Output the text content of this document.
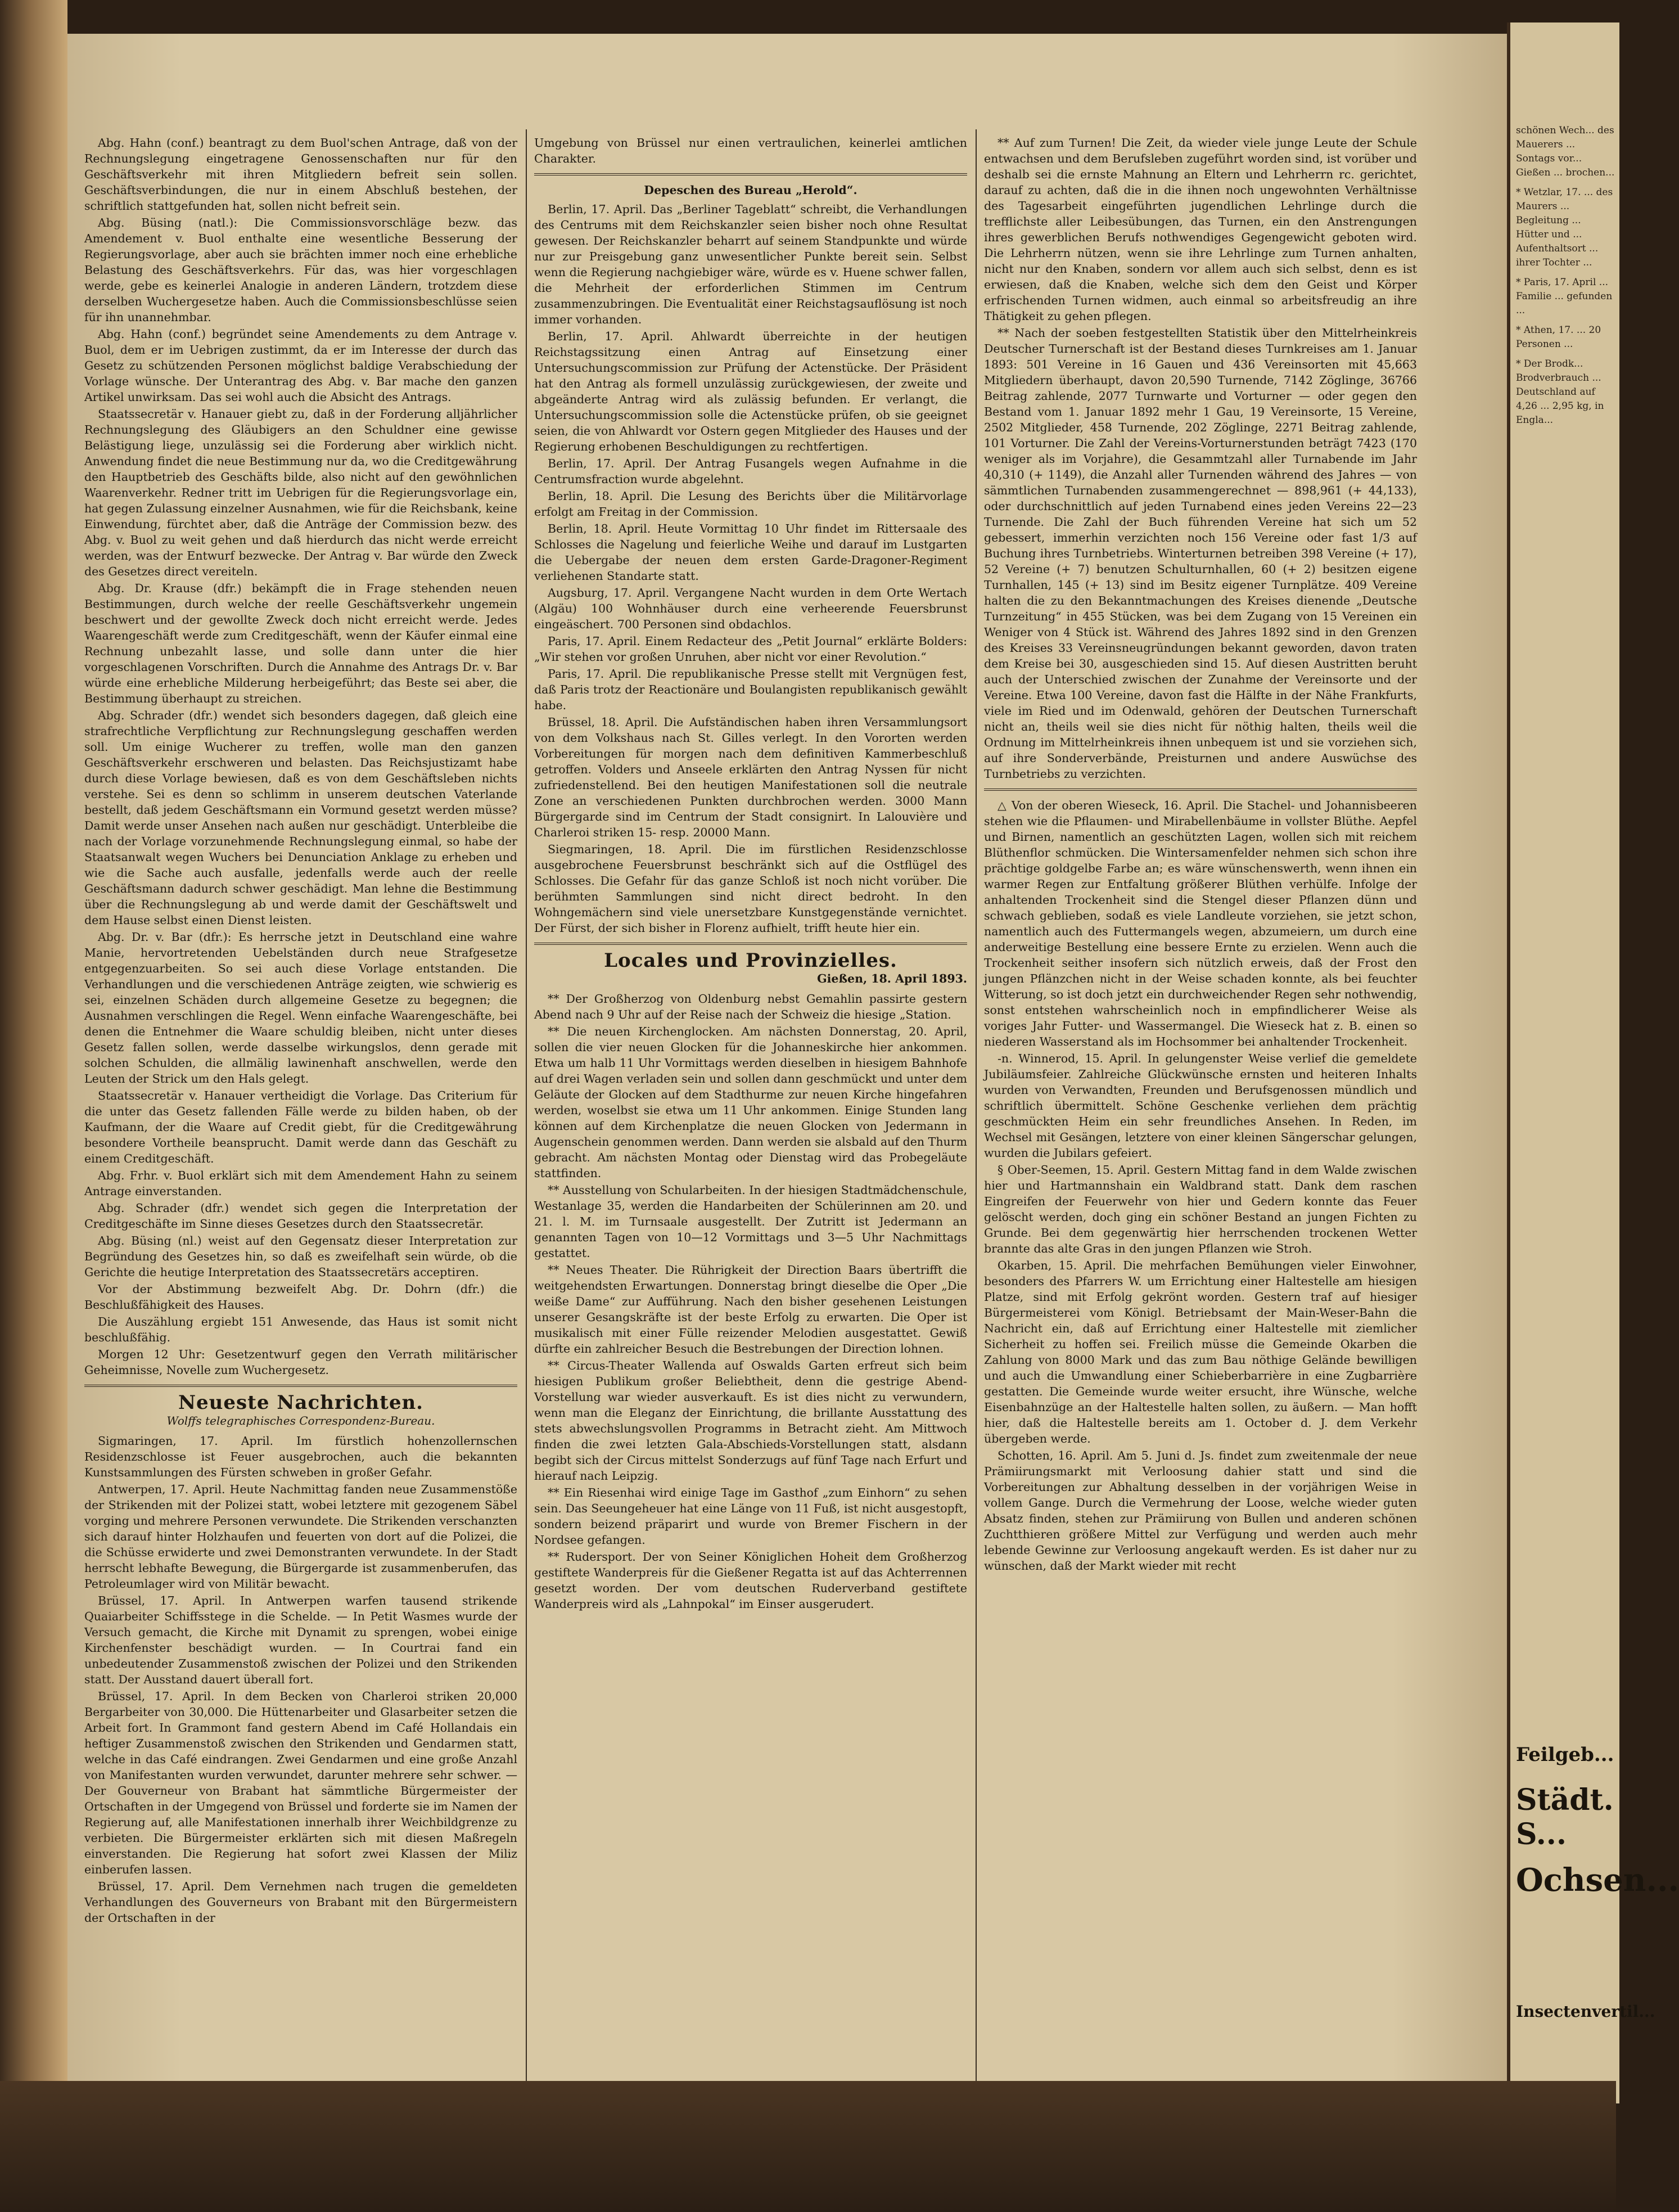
Abg. Hahn (conf.) beantragt zu dem Buol'schen Antrage, daß von der Rechnungslegung eingetragene Genossenschaften nur für den Geschäftsverkehr mit ihren Mitgliedern befreit sein sollen. Geschäftsverbindungen, die nur in einem Abschluß bestehen, der schriftlich stattgefunden hat, sollen nicht befreit sein.

Abg. Büsing (natl.): Die Commissionsvorschläge bezw. das Amendement v. Buol enthalte eine wesentliche Besserung der Regierungsvorlage, aber auch sie brächten immer noch eine erhebliche Belastung des Geschäftsverkehrs. Für das, was hier vorgeschlagen werde, gebe es keinerlei Analogie in anderen Ländern, trotzdem diese derselben Wuchergesetze haben. Auch die Commissionsbeschlüsse seien für ihn unannehmbar.

Abg. Hahn (conf.) begründet seine Amendements zu dem Antrage v. Buol, dem er im Uebrigen zustimmt, da er im Interesse der durch das Gesetz zu schützenden Personen möglichst baldige Verabschiedung der Vorlage wünsche. Der Unterantrag des Abg. v. Bar mache den ganzen Artikel unwirksam. Das sei wohl auch die Absicht des Antrags.

Staatssecretär v. Hanauer giebt zu, daß in der Forderung alljährlicher Rechnungslegung des Gläubigers an den Schuldner eine gewisse Belästigung liege, unzulässig sei die Forderung aber wirklich nicht. Anwendung findet die neue Bestimmung nur da, wo die Creditgewährung den Hauptbetrieb des Geschäfts bilde, also nicht auf den gewöhnlichen Waarenverkehr. Redner tritt im Uebrigen für die Regierungsvorlage ein, hat gegen Zulassung einzelner Ausnahmen, wie für die Reichsbank, keine Einwendung, fürchtet aber, daß die Anträge der Commission bezw. des Abg. v. Buol zu weit gehen und daß hierdurch das nicht werde erreicht werden, was der Entwurf bezwecke. Der Antrag v. Bar würde den Zweck des Gesetzes direct vereiteln.

Abg. Dr. Krause (dfr.) bekämpft die in Frage stehenden neuen Bestimmungen, durch welche der reelle Geschäftsverkehr ungemein beschwert und der gewollte Zweck doch nicht erreicht werde. Jedes Waarengeschäft werde zum Creditgeschäft, wenn der Käufer einmal eine Rechnung unbezahlt lasse, und solle dann unter die hier vorgeschlagenen Vorschriften. Durch die Annahme des Antrags Dr. v. Bar würde eine erhebliche Milderung herbeigeführt; das Beste sei aber, die Bestimmung überhaupt zu streichen.

Abg. Schrader (dfr.) wendet sich besonders dagegen, daß gleich eine strafrechtliche Verpflichtung zur Rechnungslegung geschaffen werden soll. Um einige Wucherer zu treffen, wolle man den ganzen Geschäftsverkehr erschweren und belasten. Das Reichsjustizamt habe durch diese Vorlage bewiesen, daß es von dem Geschäftsleben nichts verstehe. Sei es denn so schlimm in unserem deutschen Vaterlande bestellt, daß jedem Geschäftsmann ein Vormund gesetzt werden müsse? Damit werde unser Ansehen nach außen nur geschädigt. Unterbleibe die nach der Vorlage vorzunehmende Rechnungslegung einmal, so habe der Staatsanwalt wegen Wuchers bei Denunciation Anklage zu erheben und wie die Sache auch ausfalle, jedenfalls werde auch der reelle Geschäftsmann dadurch schwer geschädigt. Man lehne die Bestimmung über die Rechnungslegung ab und werde damit der Geschäftswelt und dem Hause selbst einen Dienst leisten.

Abg. Dr. v. Bar (dfr.): Es herrsche jetzt in Deutschland eine wahre Manie, hervortretenden Uebelständen durch neue Strafgesetze entgegenzuarbeiten. So sei auch diese Vorlage entstanden. Die Verhandlungen und die verschiedenen Anträge zeigten, wie schwierig es sei, einzelnen Schäden durch allgemeine Gesetze zu begegnen; die Ausnahmen verschlingen die Regel. Wenn einfache Waarengeschäfte, bei denen die Entnehmer die Waare schuldig bleiben, nicht unter dieses Gesetz fallen sollen, werde dasselbe wirkungslos, denn gerade mit solchen Schulden, die allmälig lawinenhaft anschwellen, werde den Leuten der Strick um den Hals gelegt.

Staatssecretär v. Hanauer vertheidigt die Vorlage. Das Criterium für die unter das Gesetz fallenden Fälle werde zu bilden haben, ob der Kaufmann, der die Waare auf Credit giebt, für die Creditgewährung besondere Vortheile beansprucht. Damit werde dann das Geschäft zu einem Creditgeschäft.

Abg. Frhr. v. Buol erklärt sich mit dem Amendement Hahn zu seinem Antrage einverstanden.

Abg. Schrader (dfr.) wendet sich gegen die Interpretation der Creditgeschäfte im Sinne dieses Gesetzes durch den Staatssecretär.

Abg. Büsing (nl.) weist auf den Gegensatz dieser Interpretation zur Begründung des Gesetzes hin, so daß es zweifelhaft sein würde, ob die Gerichte die heutige Interpretation des Staatssecretärs acceptiren.

Vor der Abstimmung bezweifelt Abg. Dr. Dohrn (dfr.) die Beschlußfähigkeit des Hauses.

Die Auszählung ergiebt 151 Anwesende, das Haus ist somit nicht beschlußfähig.

Morgen 12 Uhr: Gesetzentwurf gegen den Verrath militärischer Geheimnisse, Novelle zum Wuchergesetz.

Neueste Nachrichten.
Wolffs telegraphisches Correspondenz-Bureau.

Sigmaringen, 17. April. Im fürstlich hohenzollernschen Residenzschlosse ist Feuer ausgebrochen, auch die bekannten Kunstsammlungen des Fürsten schweben in großer Gefahr.

Antwerpen, 17. April. Heute Nachmittag fanden neue Zusammenstöße der Strikenden mit der Polizei statt, wobei letztere mit gezogenem Säbel vorging und mehrere Personen verwundete. Die Strikenden verschanzten sich darauf hinter Holzhaufen und feuerten von dort auf die Polizei, die die Schüsse erwiderte und zwei Demonstranten verwundete. In der Stadt herrscht lebhafte Bewegung, die Bürgergarde ist zusammenberufen, das Petroleumlager wird von Militär bewacht.

Brüssel, 17. April. In Antwerpen warfen tausend strikende Quaiarbeiter Schiffsstege in die Schelde. — In Petit Wasmes wurde der Versuch gemacht, die Kirche mit Dynamit zu sprengen, wobei einige Kirchenfenster beschädigt wurden. — In Courtrai fand ein unbedeutender Zusammenstoß zwischen der Polizei und den Strikenden statt. Der Ausstand dauert überall fort.

Brüssel, 17. April. In dem Becken von Charleroi striken 20,000 Bergarbeiter von 30,000. Die Hüttenarbeiter und Glasarbeiter setzen die Arbeit fort. In Grammont fand gestern Abend im Café Hollandais ein heftiger Zusammenstoß zwischen den Strikenden und Gendarmen statt, welche in das Café eindrangen. Zwei Gendarmen und eine große Anzahl von Manifestanten wurden verwundet, darunter mehrere sehr schwer. — Der Gouverneur von Brabant hat sämmtliche Bürgermeister der Ortschaften in der Umgegend von Brüssel und forderte sie im Namen der Regierung auf, alle Manifestationen innerhalb ihrer Weichbildgrenze zu verbieten. Die Bürgermeister erklärten sich mit diesen Maßregeln einverstanden. Die Regierung hat sofort zwei Klassen der Miliz einberufen lassen.

Brüssel, 17. April. Dem Vernehmen nach trugen die gemeldeten Verhandlungen des Gouverneurs von Brabant mit den Bürgermeistern der Ortschaften in der

Umgebung von Brüssel nur einen vertraulichen, keinerlei amtlichen Charakter.

Depeschen des Bureau „Herold“.

Berlin, 17. April. Das „Berliner Tageblatt“ schreibt, die Verhandlungen des Centrums mit dem Reichskanzler seien bisher noch ohne Resultat gewesen. Der Reichskanzler beharrt auf seinem Standpunkte und würde nur zur Preisgebung ganz unwesentlicher Punkte bereit sein. Selbst wenn die Regierung nachgiebiger wäre, würde es v. Huene schwer fallen, die Mehrheit der erforderlichen Stimmen im Centrum zusammenzubringen. Die Eventualität einer Reichstagsauflösung ist noch immer vorhanden.

Berlin, 17. April. Ahlwardt überreichte in der heutigen Reichstagssitzung einen Antrag auf Einsetzung einer Untersuchungscommission zur Prüfung der Actenstücke. Der Präsident hat den Antrag als formell unzulässig zurückgewiesen, der zweite und abgeänderte Antrag wird als zulässig befunden. Er verlangt, die Untersuchungscommission solle die Actenstücke prüfen, ob sie geeignet seien, die von Ahlwardt vor Ostern gegen Mitglieder des Hauses und der Regierung erhobenen Beschuldigungen zu rechtfertigen.

Berlin, 17. April. Der Antrag Fusangels wegen Aufnahme in die Centrumsfraction wurde abgelehnt.

Berlin, 18. April. Die Lesung des Berichts über die Militärvorlage erfolgt am Freitag in der Commission.

Berlin, 18. April. Heute Vormittag 10 Uhr findet im Rittersaale des Schlosses die Nagelung und feierliche Weihe und darauf im Lustgarten die Uebergabe der neuen dem ersten Garde-Dragoner-Regiment verliehenen Standarte statt.

Augsburg, 17. April. Vergangene Nacht wurden in dem Orte Wertach (Algäu) 100 Wohnhäuser durch eine verheerende Feuersbrunst eingeäschert. 700 Personen sind obdachlos.

Paris, 17. April. Einem Redacteur des „Petit Journal“ erklärte Bolders: „Wir stehen vor großen Unruhen, aber nicht vor einer Revolution.“

Paris, 17. April. Die republikanische Presse stellt mit Vergnügen fest, daß Paris trotz der Reactionäre und Boulangisten republikanisch gewählt habe.

Brüssel, 18. April. Die Aufständischen haben ihren Versammlungsort von dem Volkshaus nach St. Gilles verlegt. In den Vororten werden Vorbereitungen für morgen nach dem definitiven Kammerbeschluß getroffen. Volders und Anseele erklärten den Antrag Nyssen für nicht zufriedenstellend. Bei den heutigen Manifestationen soll die neutrale Zone an verschiedenen Punkten durchbrochen werden. 3000 Mann Bürgergarde sind im Centrum der Stadt consignirt. In Lalouvière und Charleroi striken 15- resp. 20000 Mann.

Siegmaringen, 18. April. Die im fürstlichen Residenzschlosse ausgebrochene Feuersbrunst beschränkt sich auf die Ostflügel des Schlosses. Die Gefahr für das ganze Schloß ist noch nicht vorüber. Die berühmten Sammlungen sind nicht direct bedroht. In den Wohngemächern sind viele unersetzbare Kunstgegenstände vernichtet. Der Fürst, der sich bisher in Florenz aufhielt, trifft heute hier ein.

Locales und Provinzielles.
Gießen, 18. April 1893.

** Der Großherzog von Oldenburg nebst Gemahlin passirte gestern Abend nach 9 Uhr auf der Reise nach der Schweiz die hiesige „Station.

** Die neuen Kirchenglocken. Am nächsten Donnerstag, 20. April, sollen die vier neuen Glocken für die Johanneskirche hier ankommen. Etwa um halb 11 Uhr Vormittags werden dieselben in hiesigem Bahnhofe auf drei Wagen verladen sein und sollen dann geschmückt und unter dem Geläute der Glocken auf dem Stadthurme zur neuen Kirche hingefahren werden, woselbst sie etwa um 11 Uhr ankommen. Einige Stunden lang können auf dem Kirchenplatze die neuen Glocken von Jedermann in Augenschein genommen werden. Dann werden sie alsbald auf den Thurm gebracht. Am nächsten Montag oder Dienstag wird das Probegeläute stattfinden.

** Ausstellung von Schularbeiten. In der hiesigen Stadtmädchenschule, Westanlage 35, werden die Handarbeiten der Schülerinnen am 20. und 21. l. M. im Turnsaale ausgestellt. Der Zutritt ist Jedermann an genannten Tagen von 10—12 Vormittags und 3—5 Uhr Nachmittags gestattet.

** Neues Theater. Die Rührigkeit der Direction Baars übertrifft die weitgehendsten Erwartungen. Donnerstag bringt dieselbe die Oper „Die weiße Dame“ zur Aufführung. Nach den bisher gesehenen Leistungen unserer Gesangskräfte ist der beste Erfolg zu erwarten. Die Oper ist musikalisch mit einer Fülle reizender Melodien ausgestattet. Gewiß dürfte ein zahlreicher Besuch die Bestrebungen der Direction lohnen.

** Circus-Theater Wallenda auf Oswalds Garten erfreut sich beim hiesigen Publikum großer Beliebtheit, denn die gestrige Abend-Vorstellung war wieder ausverkauft. Es ist dies nicht zu verwundern, wenn man die Eleganz der Einrichtung, die brillante Ausstattung des stets abwechslungsvollen Programms in Betracht zieht. Am Mittwoch finden die zwei letzten Gala-Abschieds-Vorstellungen statt, alsdann begibt sich der Circus mittelst Sonderzugs auf fünf Tage nach Erfurt und hierauf nach Leipzig.

** Ein Riesenhai wird einige Tage im Gasthof „zum Einhorn“ zu sehen sein. Das Seeungeheuer hat eine Länge von 11 Fuß, ist nicht ausgestopft, sondern beizend präparirt und wurde von Bremer Fischern in der Nordsee gefangen.

** Rudersport. Der von Seiner Königlichen Hoheit dem Großherzog gestiftete Wanderpreis für die Gießener Regatta ist auf das Achterrennen gesetzt worden. Der vom deutschen Ruderverband gestiftete Wanderpreis wird als „Lahnpokal“ im Einser ausgerudert.

** Auf zum Turnen! Die Zeit, da wieder viele junge Leute der Schule entwachsen und dem Berufsleben zugeführt worden sind, ist vorüber und deshalb sei die ernste Mahnung an Eltern und Lehrherrn rc. gerichtet, darauf zu achten, daß die in die ihnen noch ungewohnten Verhältnisse des Tagesarbeit eingeführten jugendlichen Lehrlinge durch die trefflichste aller Leibesübungen, das Turnen, ein den Anstrengungen ihres gewerblichen Berufs nothwendiges Gegengewicht geboten wird. Die Lehrherrn nützen, wenn sie ihre Lehrlinge zum Turnen anhalten, nicht nur den Knaben, sondern vor allem auch sich selbst, denn es ist erwiesen, daß die Knaben, welche sich dem den Geist und Körper erfrischenden Turnen widmen, auch einmal so arbeitsfreudig an ihre Thätigkeit zu gehen pflegen.

** Nach der soeben festgestellten Statistik über den Mittelrheinkreis Deutscher Turnerschaft ist der Bestand dieses Turnkreises am 1. Januar 1893: 501 Vereine in 16 Gauen und 436 Vereinsorten mit 45,663 Mitgliedern überhaupt, davon 20,590 Turnende, 7142 Zöglinge, 36766 Beitrag zahlende, 2077 Turnwarte und Vorturner — oder gegen den Bestand vom 1. Januar 1892 mehr 1 Gau, 19 Vereinsorte, 15 Vereine, 2502 Mitglieder, 458 Turnende, 202 Zöglinge, 2271 Beitrag zahlende, 101 Vorturner. Die Zahl der Vereins-Vorturnerstunden beträgt 7423 (170 weniger als im Vorjahre), die Gesammtzahl aller Turnabende im Jahr 40,310 (+ 1149), die Anzahl aller Turnenden während des Jahres — von sämmtlichen Turnabenden zusammengerechnet — 898,961 (+ 44,133), oder durchschnittlich auf jeden Turnabend eines jeden Vereins 22—23 Turnende. Die Zahl der Buch führenden Vereine hat sich um 52 gebessert, immerhin verzichten noch 156 Vereine oder fast 1/3 auf Buchung ihres Turnbetriebs. Winterturnen betreiben 398 Vereine (+ 17), 52 Vereine (+ 7) benutzen Schulturnhallen, 60 (+ 2) besitzen eigene Turnhallen, 145 (+ 13) sind im Besitz eigener Turnplätze. 409 Vereine halten die zu den Bekanntmachungen des Kreises dienende „Deutsche Turnzeitung“ in 455 Stücken, was bei dem Zugang von 15 Vereinen ein Weniger von 4 Stück ist. Während des Jahres 1892 sind in den Grenzen des Kreises 33 Vereinsneugründungen bekannt geworden, davon traten dem Kreise bei 30, ausgeschieden sind 15. Auf diesen Austritten beruht auch der Unterschied zwischen der Zunahme der Vereinsorte und der Vereine. Etwa 100 Vereine, davon fast die Hälfte in der Nähe Frankfurts, viele im Ried und im Odenwald, gehören der Deutschen Turnerschaft nicht an, theils weil sie dies nicht für nöthig halten, theils weil die Ordnung im Mittelrheinkreis ihnen unbequem ist und sie vorziehen sich, auf ihre Sonderverbände, Preisturnen und andere Auswüchse des Turnbetriebs zu verzichten.

△ Von der oberen Wieseck, 16. April. Die Stachel- und Johannisbeeren stehen wie die Pflaumen- und Mirabellenbäume in vollster Blüthe. Aepfel und Birnen, namentlich an geschützten Lagen, wollen sich mit reichem Blüthenflor schmücken. Die Wintersamenfelder nehmen sich schon ihre prächtige goldgelbe Farbe an; es wäre wünschenswerth, wenn ihnen ein warmer Regen zur Entfaltung größerer Blüthen verhülfe. Infolge der anhaltenden Trockenheit sind die Stengel dieser Pflanzen dünn und schwach geblieben, sodaß es viele Landleute vorziehen, sie jetzt schon, namentlich auch des Futtermangels wegen, abzumeiern, um durch eine anderweitige Bestellung eine bessere Ernte zu erzielen. Wenn auch die Trockenheit seither insofern sich nützlich erweis, daß der Frost den jungen Pflänzchen nicht in der Weise schaden konnte, als bei feuchter Witterung, so ist doch jetzt ein durchweichender Regen sehr nothwendig, sonst entstehen wahrscheinlich noch in empfindlicherer Weise als voriges Jahr Futter- und Wassermangel. Die Wieseck hat z. B. einen so niederen Wasserstand als im Hochsommer bei anhaltender Trockenheit.

-n. Winnerod, 15. April. In gelungenster Weise verlief die gemeldete Jubiläumsfeier. Zahlreiche Glückwünsche ernsten und heiteren Inhalts wurden von Verwandten, Freunden und Berufsgenossen mündlich und schriftlich übermittelt. Schöne Geschenke verliehen dem prächtig geschmückten Heim ein sehr freundliches Ansehen. In Reden, im Wechsel mit Gesängen, letztere von einer kleinen Sängerschar gelungen, wurden die Jubilars gefeiert.

§ Ober-Seemen, 15. April. Gestern Mittag fand in dem Walde zwischen hier und Hartmannshain ein Waldbrand statt. Dank dem raschen Eingreifen der Feuerwehr von hier und Gedern konnte das Feuer gelöscht werden, doch ging ein schöner Bestand an jungen Fichten zu Grunde. Bei dem gegenwärtig hier herrschenden trockenen Wetter brannte das alte Gras in den jungen Pflanzen wie Stroh.

Okarben, 15. April. Die mehrfachen Bemühungen vieler Einwohner, besonders des Pfarrers W. um Errichtung einer Haltestelle am hiesigen Platze, sind mit Erfolg gekrönt worden. Gestern traf auf hiesiger Bürgermeisterei vom Königl. Betriebsamt der Main-Weser-Bahn die Nachricht ein, daß auf Errichtung einer Haltestelle mit ziemlicher Sicherheit zu hoffen sei. Freilich müsse die Gemeinde Okarben die Zahlung von 8000 Mark und das zum Bau nöthige Gelände bewilligen und auch die Umwandlung einer Schieberbarrière in eine Zugbarrière gestatten. Die Gemeinde wurde weiter ersucht, ihre Wünsche, welche Eisenbahnzüge an der Haltestelle halten sollen, zu äußern. — Man hofft hier, daß die Haltestelle bereits am 1. October d. J. dem Verkehr übergeben werde.

Schotten, 16. April. Am 5. Juni d. Js. findet zum zweitenmale der neue Prämiirungsmarkt mit Verloosung dahier statt und sind die Vorbereitungen zur Abhaltung desselben in der vorjährigen Weise in vollem Gange. Durch die Vermehrung der Loose, welche wieder guten Absatz finden, stehen zur Prämiirung von Bullen und anderen schönen Zuchtthieren größere Mittel zur Verfügung und werden auch mehr lebende Gewinne zur Verloosung angekauft werden. Es ist daher nur zu wünschen, daß der Markt wieder mit recht

schönen Wech... des Mauerers ... Sontags vor... Gießen ... brochen...

* Wetzlar, 17. ... des Maurers ... Begleitung ... Hütter und ... Aufenthaltsort ... ihrer Tochter ...

* Paris, 17. April ... Familie ... gefunden ...

* Athen, 17. ... 20 Personen ...

* Der Brodk... Brodverbrauch ... Deutschland auf 4,26 ... 2,95 kg, in Engla...

Feilgeb...
Städt. S...
Ochsen...
Insectenvertil...
